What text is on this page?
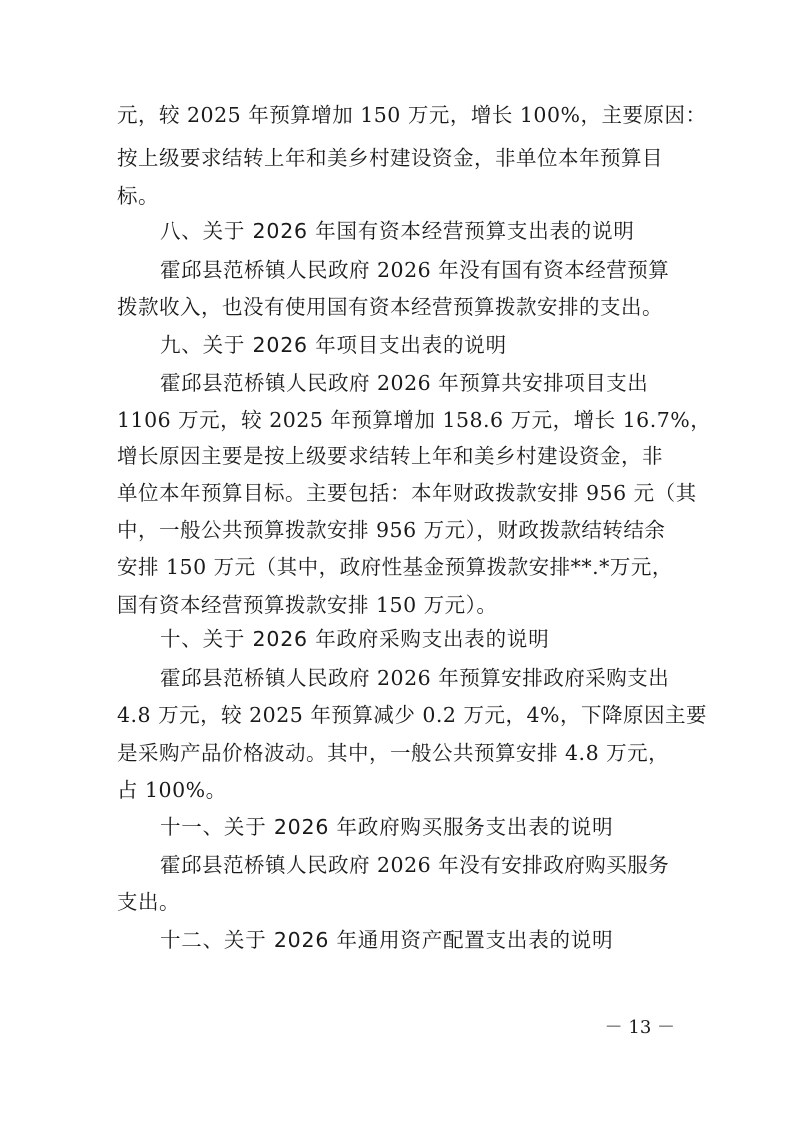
元，较 2025 年预算增加 150 万元，增长 100%，主要原因：
按上级要求结转上年和美乡村建设资金，非单位本年预算目
标。
八、关于 2026 年国有资本经营预算支出表的说明
霍邱县范桥镇人民政府 2026 年没有国有资本经营预算
拨款收入，也没有使用国有资本经营预算拨款安排的支出。
九、关于 2026 年项目支出表的说明
霍邱县范桥镇人民政府 2026 年预算共安排项目支出
1106 万元，较 2025 年预算增加 158.6 万元，增长 16.7%，
增长原因主要是按上级要求结转上年和美乡村建设资金，非
单位本年预算目标。主要包括：本年财政拨款安排 956 元（其
中，一般公共预算拨款安排 956 万元），财政拨款结转结余
安排 150 万元（其中，政府性基金预算拨款安排**.*万元，
国有资本经营预算拨款安排 150 万元）。
十、关于 2026 年政府采购支出表的说明
霍邱县范桥镇人民政府 2026 年预算安排政府采购支出
4.8 万元，较 2025 年预算减少 0.2 万元，4%，下降原因主要
是采购产品价格波动。其中，一般公共预算安排 4.8 万元，
占 100%。
十一、关于 2026 年政府购买服务支出表的说明
霍邱县范桥镇人民政府 2026 年没有安排政府购买服务
支出。
十二、关于 2026 年通用资产配置支出表的说明
－ 13 －
